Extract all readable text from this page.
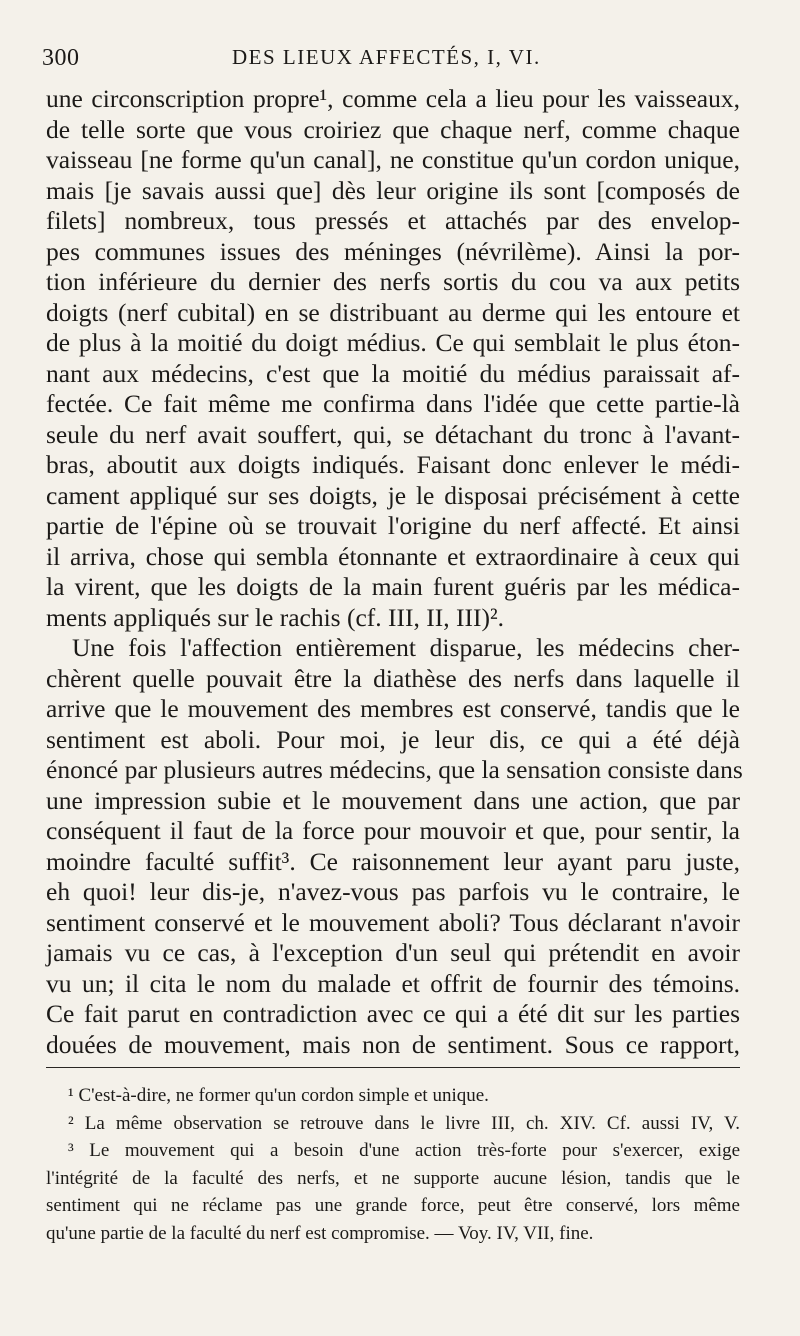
300	DES LIEUX AFFECTÉS, I, VI.
une circonscription propre¹, comme cela a lieu pour les vaisseaux,
de telle sorte que vous croiriez que chaque nerf, comme chaque
vaisseau [ne forme qu'un canal], ne constitue qu'un cordon unique,
mais [je savais aussi que] dès leur origine ils sont [composés de
filets] nombreux, tous pressés et attachés par des envelop-
pes communes issues des méninges (névrilème). Ainsi la por-
tion inférieure du dernier des nerfs sortis du cou va aux petits
doigts (nerf cubital) en se distribuant au derme qui les entoure et
de plus à la moitié du doigt médius. Ce qui semblait le plus éton-
nant aux médecins, c'est que la moitié du médius paraissait af-
fectée. Ce fait même me confirma dans l'idée que cette partie-là
seule du nerf avait souffert, qui, se détachant du tronc à l'avant-
bras, aboutit aux doigts indiqués. Faisant donc enlever le médi-
cament appliqué sur ses doigts, je le disposai précisément à cette
partie de l'épine où se trouvait l'origine du nerf affecté. Et ainsi
il arriva, chose qui sembla étonnante et extraordinaire à ceux qui
la virent, que les doigts de la main furent guéris par les médica-
ments appliqués sur le rachis (cf. III, II, III)².
Une fois l'affection entièrement disparue, les médecins cher-
chèrent quelle pouvait être la diathèse des nerfs dans laquelle il
arrive que le mouvement des membres est conservé, tandis que le
sentiment est aboli. Pour moi, je leur dis, ce qui a été déjà
énoncé par plusieurs autres médecins, que la sensation consiste dans
une impression subie et le mouvement dans une action, que par
conséquent il faut de la force pour mouvoir et que, pour sentir, la
moindre faculté suffit³. Ce raisonnement leur ayant paru juste,
eh quoi! leur dis-je, n'avez-vous pas parfois vu le contraire, le
sentiment conservé et le mouvement aboli? Tous déclarant n'avoir
jamais vu ce cas, à l'exception d'un seul qui prétendit en avoir
vu un; il cita le nom du malade et offrit de fournir des témoins.
Ce fait parut en contradiction avec ce qui a été dit sur les parties
douées de mouvement, mais non de sentiment. Sous ce rapport,
¹ C'est-à-dire, ne former qu'un cordon simple et unique.
² La même observation se retrouve dans le livre III, ch. XIV. Cf. aussi IV, V.
³ Le mouvement qui a besoin d'une action très-forte pour s'exercer, exige
l'intégrité de la faculté des nerfs, et ne supporte aucune lésion, tandis que le
sentiment qui ne réclame pas une grande force, peut être conservé, lors même
qu'une partie de la faculté du nerf est compromise. — Voy. IV, VII, fine.
